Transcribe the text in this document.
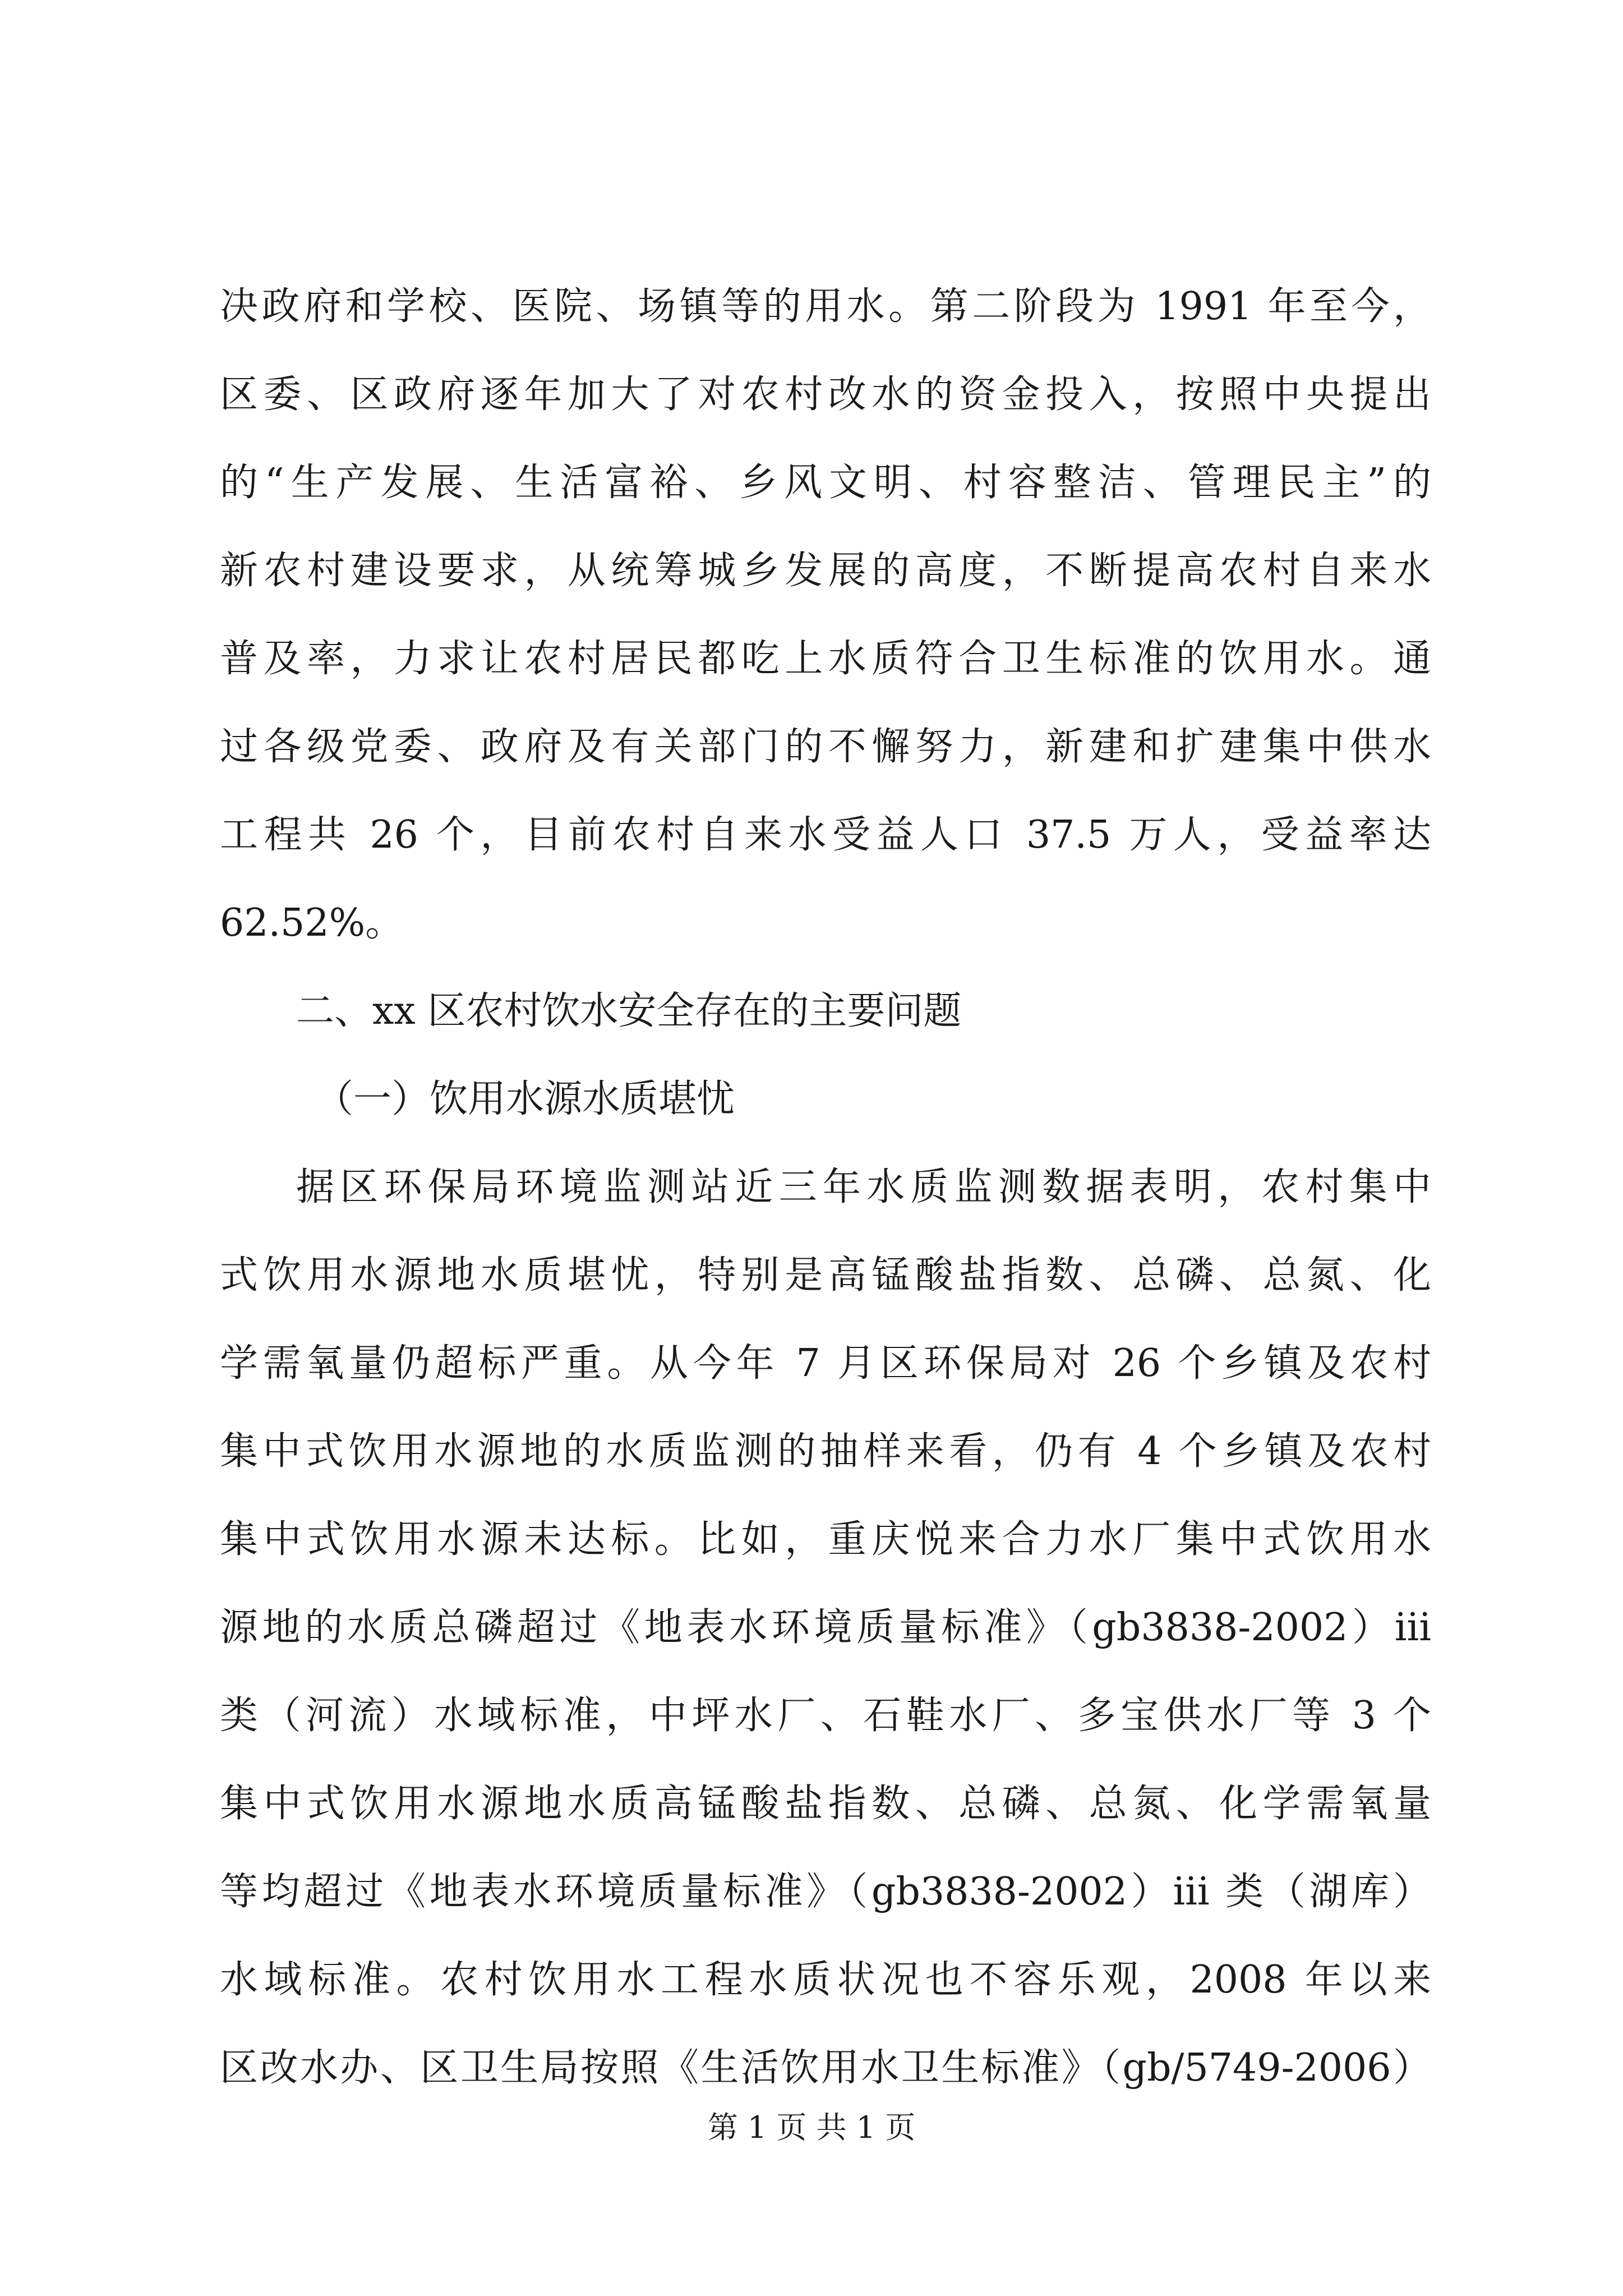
决政府和学校、医院、场镇等的用水。第二阶段为 1991 年至今，
区委、区政府逐年加大了对农村改水的资金投入，按照中央提出
的“生产发展、生活富裕、乡风文明、村容整洁、管理民主”的
新农村建设要求，从统筹城乡发展的高度，不断提高农村自来水
普及率，力求让农村居民都吃上水质符合卫生标准的饮用水。通
过各级党委、政府及有关部门的不懈努力，新建和扩建集中供水
工程共 26 个，目前农村自来水受益人口 37.5 万人，受益率达
62.52%。
二、xx 区农村饮水安全存在的主要问题
（一）饮用水源水质堪忧
据区环保局环境监测站近三年水质监测数据表明，农村集中
式饮用水源地水质堪忧，特别是高锰酸盐指数、总磷、总氮、化
学需氧量仍超标严重。从今年 7 月区环保局对 26 个乡镇及农村
集中式饮用水源地的水质监测的抽样来看，仍有 4 个乡镇及农村
集中式饮用水源未达标。比如，重庆悦来合力水厂集中式饮用水
源地的水质总磷超过《地表水环境质量标准》（gb3838-2002）iii
类（河流）水域标准，中坪水厂、石鞋水厂、多宝供水厂等 3 个
集中式饮用水源地水质高锰酸盐指数、总磷、总氮、化学需氧量
等均超过《地表水环境质量标准》（gb3838-2002）iii 类（湖库）
水域标准。农村饮用水工程水质状况也不容乐观，2008 年以来
区改水办、区卫生局按照《生活饮用水卫生标准》（gb/5749-2006）
第 1 页 共 1 页
